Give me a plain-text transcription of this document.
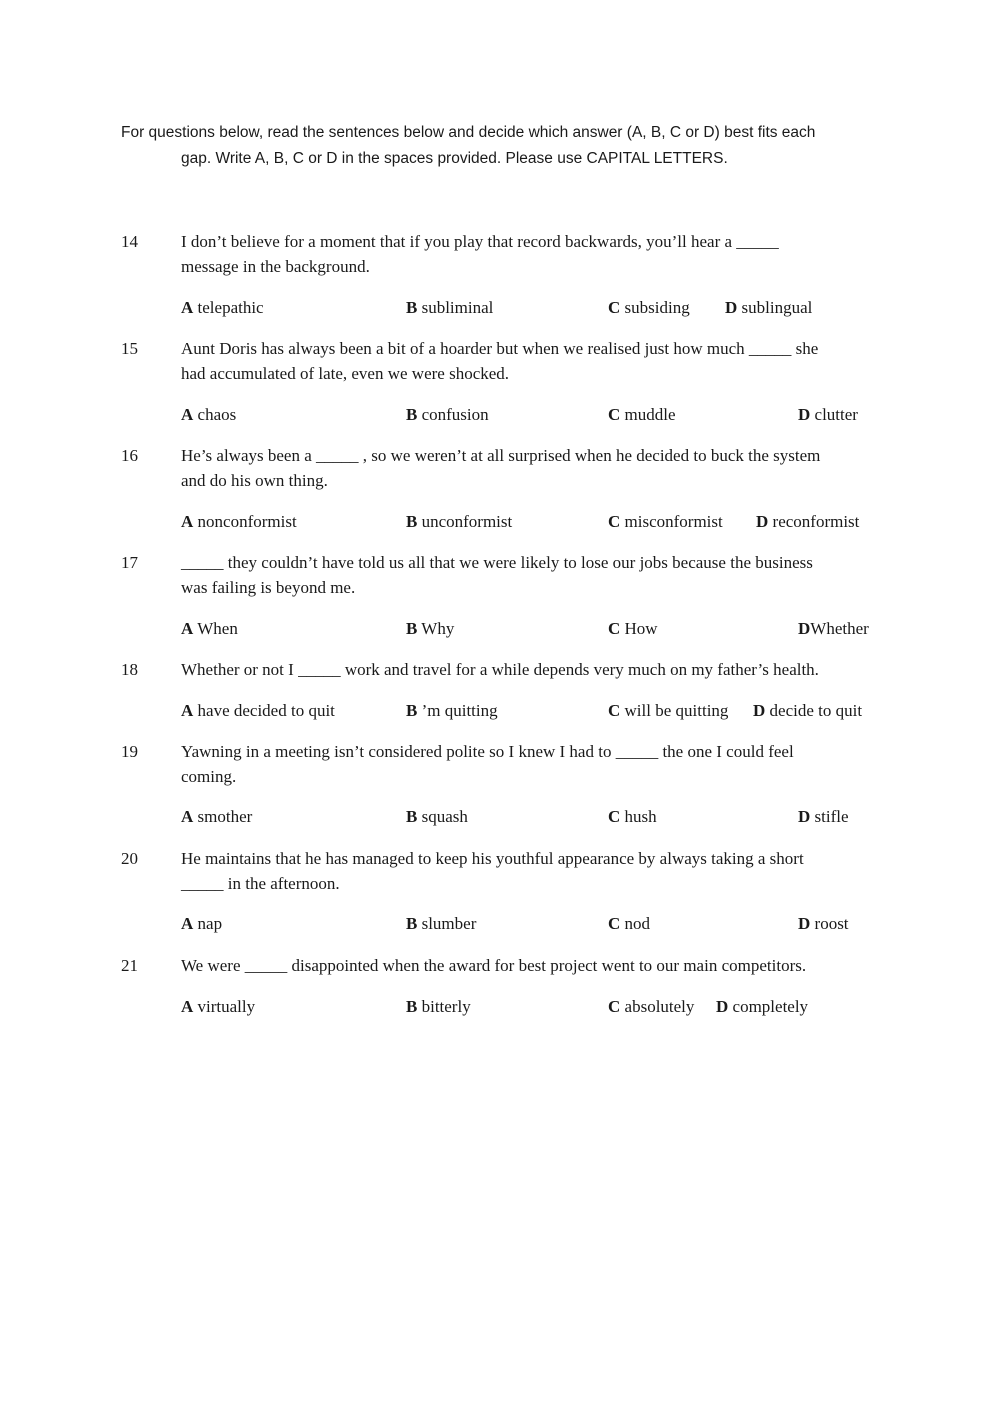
For questions below, read the sentences below and decide which answer (A, B, C or D) best fits each
gap. Write A, B, C or D in the spaces provided. Please use CAPITAL LETTERS.
14	I don’t believe for a moment that if you play that record backwards, you’ll hear a _____
message in the background.
A telepathic	B subliminal	C subsiding D sublingual
15	Aunt Doris has always been a bit of a hoarder but when we realised just how much _____ she
had accumulated of late, even we were shocked.
A chaos	B confusion	C muddle	D clutter
16	He’s always been a _____ , so we weren’t at all surprised when he decided to buck the system
and do his own thing.
A nonconformist	B unconformist	C misconformist D reconformist
17	_____ they couldn’t have told us all that we were likely to lose our jobs because the business
was failing is beyond me.
A When	B Why	C How	DWhether
18	Whether or not I _____ work and travel for a while depends very much on my father’s health.
A have decided to quit	B ’m quitting	C will be quitting D decide to quit
19	Yawning in a meeting isn’t considered polite so I knew I had to _____ the one I could feel
coming.
A smother	B squash	C hush	D stifle
20	He maintains that he has managed to keep his youthful appearance by always taking a short
_____ in the afternoon.
A nap	B slumber	C nod	D roost
21	We were _____ disappointed when the award for best project went to our main competitors.
A virtually	B bitterly	C absolutely D completely
